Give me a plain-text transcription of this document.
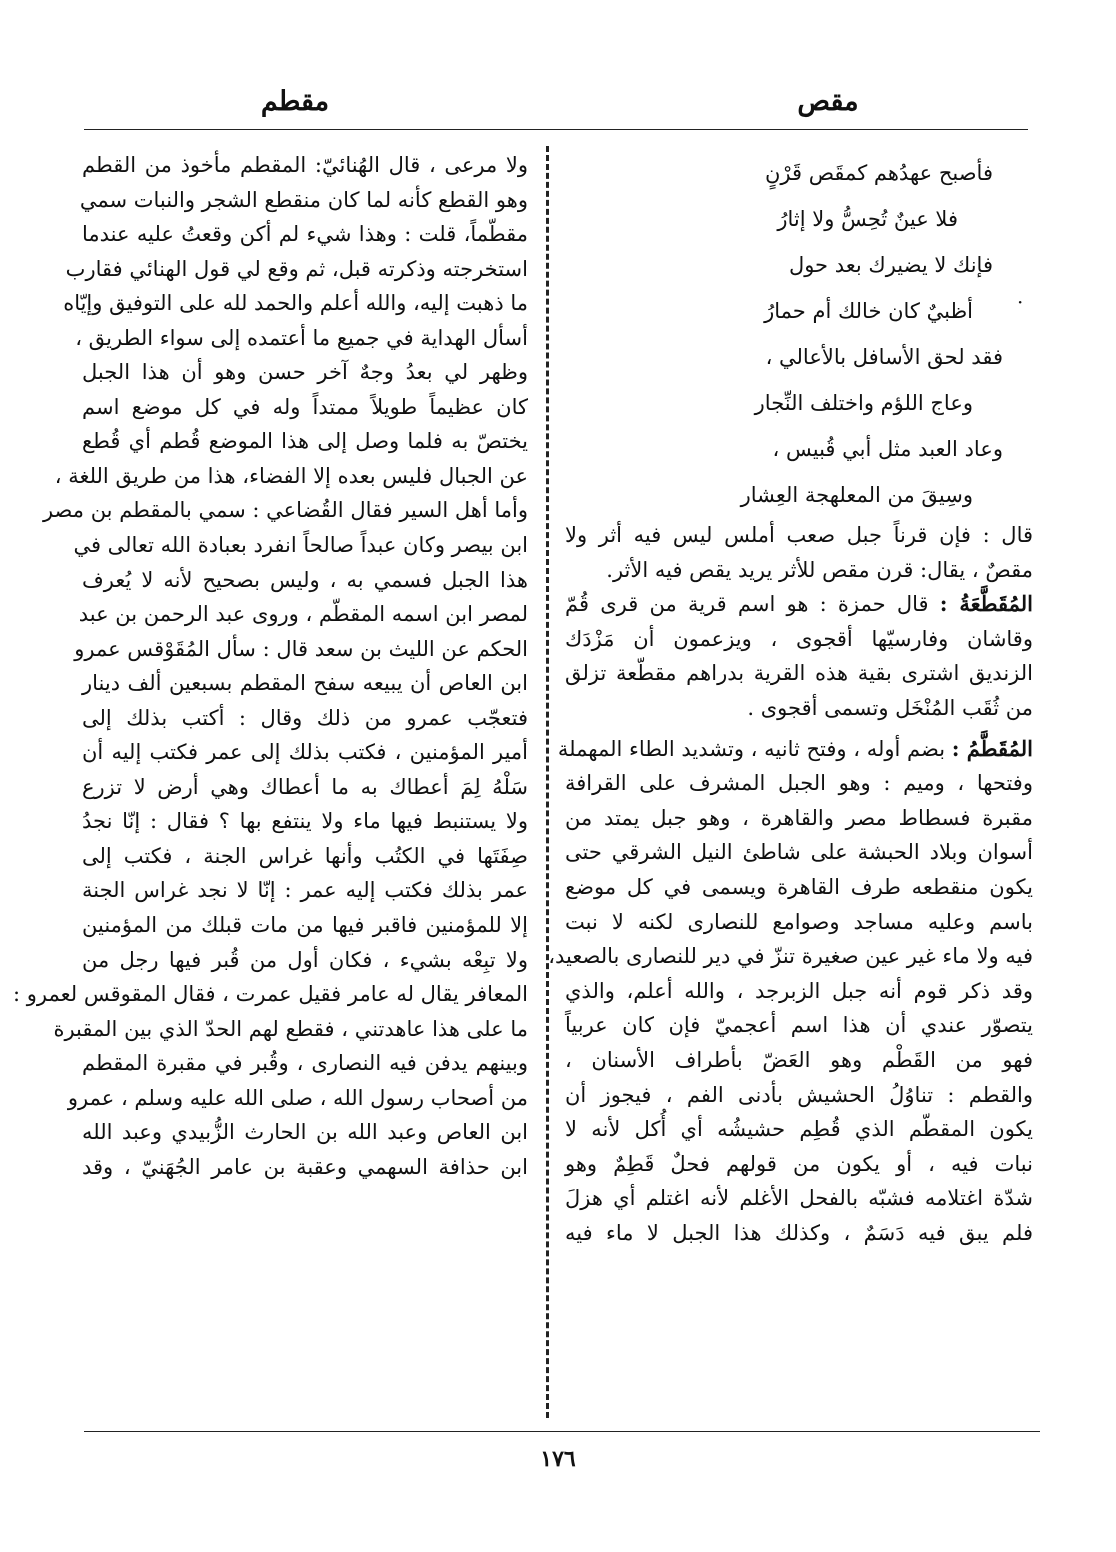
مقص
مقطم
·
فأصبح عهدُهم كمقَص قَرْنٍ
فلا عينٌ تُحِسُّ ولا إثارُ
فإنك لا يضيرك بعد حول
أظبيٌ كان خالك أم حمارُ
فقد لحق الأسافل بالأعالي ،
وعاج اللؤم واختلف النِّجار
وعاد العبد مثل أبي قُبيس ،
وسِيقَ من المعلهجة العِشار
قال : فإن قرناً جبل صعب أملس ليس فيه أثر ولا
مقصٌ ، يقال: قرن مقص للأثر يريد يقص فيه الأثر.
المُقَطَّعَةُ : قال حمزة : هو اسم قرية من قرى قُمّ
وقاشان وفارسيّها أقجوى ، ويزعمون أن مَزْدَك
الزنديق اشترى بقية هذه القرية بدراهم مقطّعة تزلق
من ثُقَب المُنْخَل وتسمى أقجوى .
المُقَطَّمُ : بضم أوله ، وفتح ثانيه ، وتشديد الطاء المهملة
وفتحها ، وميم : وهو الجبل المشرف على القرافة
مقبرة فسطاط مصر والقاهرة ، وهو جبل يمتد من
أسوان وبلاد الحبشة على شاطئ النيل الشرقي حتى
يكون منقطعه طرف القاهرة ويسمى في كل موضع
باسم وعليه مساجد وصوامع للنصارى لكنه لا نبت
فيه ولا ماء غير عين صغيرة تنزّ في دير للنصارى بالصعيد،
وقد ذكر قوم أنه جبل الزبرجد ، والله أعلم، والذي
يتصوّر عندي أن هذا اسم أعجميّ فإن كان عربياً
فهو من القَطْم وهو العَضّ بأطراف الأسنان ،
والقطم : تناوُلُ الحشيش بأدنى الفم ، فيجوز أن
يكون المقطّم الذي قُطِم حشيشُه أي أُكل لأنه لا
نبات فيه ، أو يكون من قولهم فحلٌ قَطِمٌ وهو
شدّة اغتلامه فشبّه بالفحل الأغلم لأنه اغتلم أي هزلَ
فلم يبق فيه دَسَمٌ ، وكذلك هذا الجبل لا ماء فيه
ولا مرعى ، قال الهُنائيّ: المقطم مأخوذ من القطم
وهو القطع كأنه لما كان منقطع الشجر والنبات سمي
مقطّماً، قلت : وهذا شيء لم أكن وقعتُ عليه عندما
استخرجته وذكرته قبل، ثم وقع لي قول الهنائي فقارب
ما ذهبت إليه، والله أعلم والحمد لله على التوفيق وإيّاه
أسأل الهداية في جميع ما أعتمده إلى سواء الطريق ،
وظهر لي بعدُ وجهٌ آخر حسن وهو أن هذا الجبل
كان عظيماً طويلاً ممتداً وله في كل موضع اسم
يختصّ به فلما وصل إلى هذا الموضع قُطم أي قُطع
عن الجبال فليس بعده إلا الفضاء، هذا من طريق اللغة ،
وأما أهل السير فقال القُضاعي : سمي بالمقطم بن مصر
ابن بيصر وكان عبداً صالحاً انفرد بعبادة الله تعالى في
هذا الجبل فسمي به ، وليس بصحيح لأنه لا يُعرف
لمصر ابن اسمه المقطّم ، وروى عبد الرحمن بن عبد
الحكم عن الليث بن سعد قال : سأل المُقَوْقس عمرو
ابن العاص أن يبيعه سفح المقطم بسبعين ألف دينار
فتعجّب عمرو من ذلك وقال : أكتب بذلك إلى
أمير المؤمنين ، فكتب بذلك إلى عمر فكتب إليه أن
سَلْهُ لِمَ أعطاك به ما أعطاك وهي أرض لا تزرع
ولا يستنبط فيها ماء ولا ينتفع بها ؟ فقال : إنّا نجدُ
صِفَتَها في الكتُب وأنها غراس الجنة ، فكتب إلى
عمر بذلك فكتب إليه عمر : إنّا لا نجد غراس الجنة
إلا للمؤمنين فاقبر فيها من مات قبلك من المؤمنين
ولا تبِعْه بشيء ، فكان أول من قُبر فيها رجل من
المعافر يقال له عامر فقيل عمرت ، فقال المقوقس لعمرو :
ما على هذا عاهدتني ، فقطع لهم الحدّ الذي بين المقبرة
وبينهم يدفن فيه النصارى ، وقُبر في مقبرة المقطم
من أصحاب رسول الله ، صلى الله عليه وسلم ، عمرو
ابن العاص وعبد الله بن الحارث الزُّبيدي وعبد الله
ابن حذافة السهمي وعقبة بن عامر الجُهَنيّ ، وقد
١٧٦
